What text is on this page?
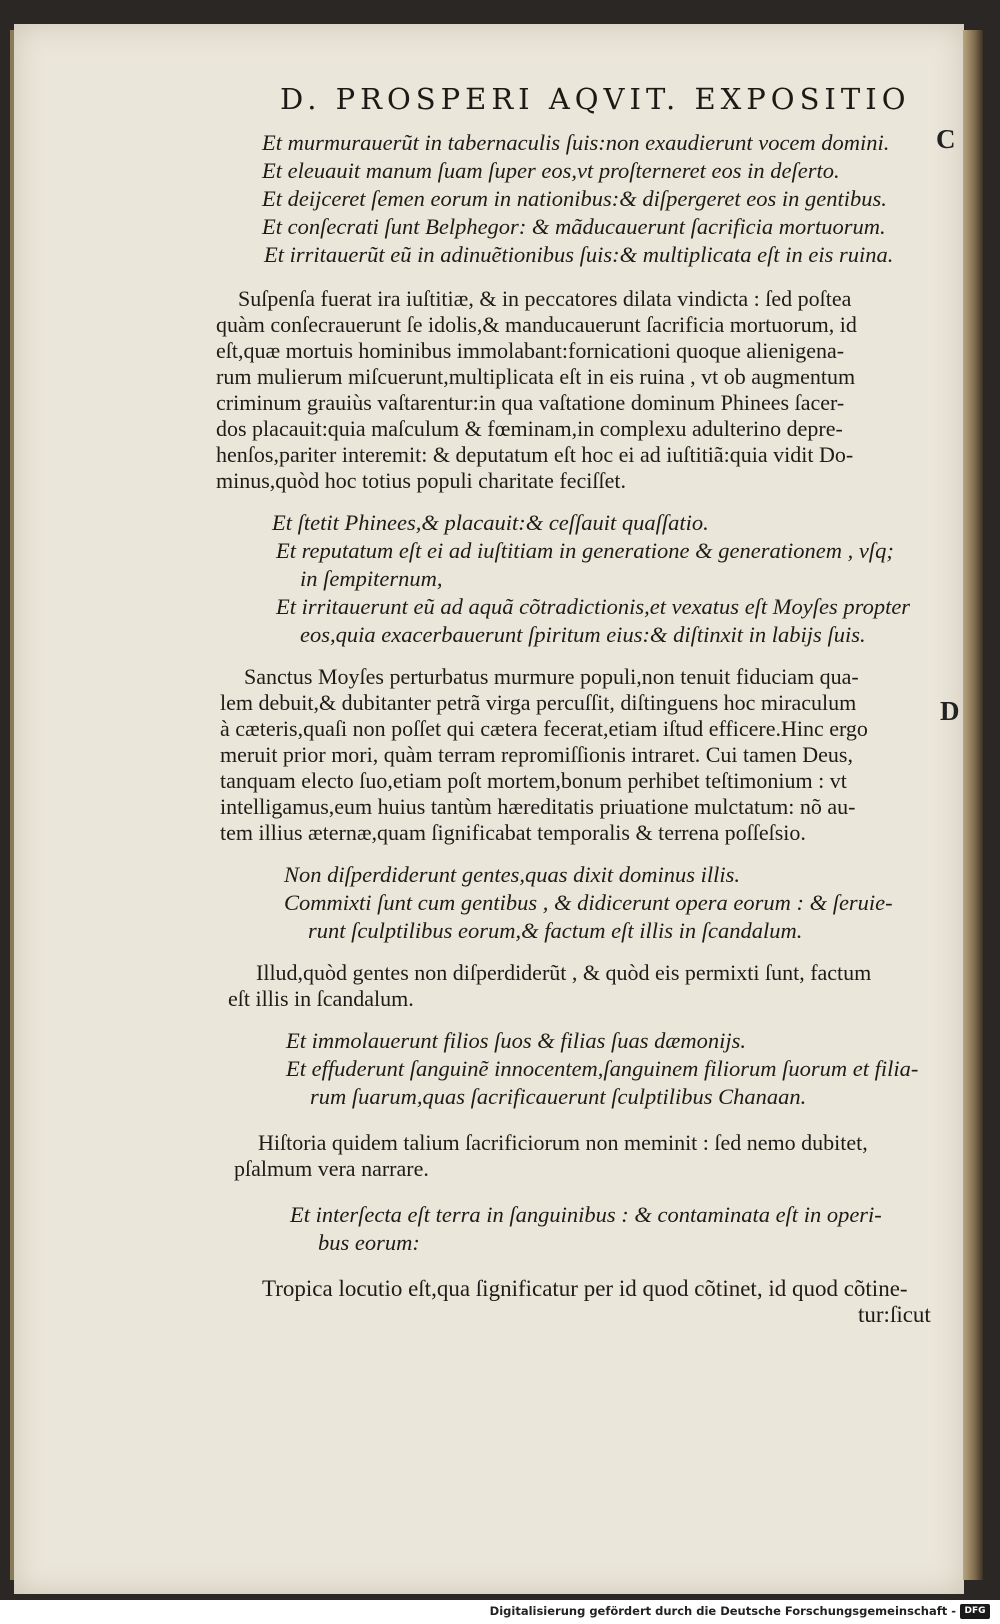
D. PROSPERI AQVIT. EXPOSITIO
C
D
Et murmurauerũt in tabernaculis ſuis:non exaudierunt vocem domini.
Et eleuauit manum ſuam ſuper eos,vt proſterneret eos in deſerto.
Et deijceret ſemen eorum in nationibus:& diſpergeret eos in gentibus.
Et conſecrati ſunt Belphegor: & mãducauerunt ſacrificia mortuorum.
Et irritauerũt eũ in adinuẽtionibus ſuis:& multiplicata eſt in eis ruina.
Suſpenſa fuerat ira iuſtitiæ, & in peccatores dilata vindicta : ſed poſtea
quàm conſecrauerunt ſe idolis,& manducauerunt ſacrificia mortuorum, id
eſt,quæ mortuis hominibus immolabant:fornicationi quoque alienigena-
rum mulierum miſcuerunt,multiplicata eſt in eis ruina , vt ob augmentum
criminum grauiùs vaſtarentur:in qua vaſtatione dominum Phinees ſacer-
dos placauit:quia maſculum & fœminam,in complexu adulterino depre-
henſos,pariter interemit: & deputatum eſt hoc ei ad iuſtitiã:quia vidit Do-
minus,quòd hoc totius populi charitate feciſſet.
Et ſtetit Phinees,& placauit:& ceſſauit quaſſatio.
Et reputatum eſt ei ad iuſtitiam in generatione & generationem , vſq;
in ſempiternum,
Et irritauerunt eũ ad aquã cõtradictionis,et vexatus eſt Moyſes propter
eos,quia exacerbauerunt ſpiritum eius:& diſtinxit in labijs ſuis.
Sanctus Moyſes perturbatus murmure populi,non tenuit fiduciam qua-
lem debuit,& dubitanter petrã virga percuſſit, diſtinguens hoc miraculum
à cæteris,quaſi non poſſet qui cætera fecerat,etiam iſtud efficere.Hinc ergo
meruit prior mori, quàm terram repromiſſionis intraret. Cui tamen Deus,
tanquam electo ſuo,etiam poſt mortem,bonum perhibet teſtimonium : vt
intelligamus,eum huius tantùm hæreditatis priuatione mulctatum: nõ au-
tem illius æternæ,quam ſignificabat temporalis & terrena poſſeſsio.
Non diſperdiderunt gentes,quas dixit dominus illis.
Commixti ſunt cum gentibus , & didicerunt opera eorum : & ſeruie-
runt ſculptilibus eorum,& factum eſt illis in ſcandalum.
Illud,quòd gentes non diſperdiderũt , & quòd eis permixti ſunt, factum
eſt illis in ſcandalum.
Et immolauerunt filios ſuos & filias ſuas dæmonijs.
Et effuderunt ſanguinẽ innocentem,ſanguinem filiorum ſuorum et filia-
rum ſuarum,quas ſacrificauerunt ſculptilibus Chanaan.
Hiſtoria quidem talium ſacrificiorum non meminit : ſed nemo dubitet,
pſalmum vera narrare.
Et interſecta eſt terra in ſanguinibus : & contaminata eſt in operi-
bus eorum:
Tropica locutio eſt,qua ſignificatur per id quod cõtinet, id quod cõtine-
tur:ſicut
Digitalisierung gefördert durch die Deutsche Forschungsgemeinschaft - DFG
